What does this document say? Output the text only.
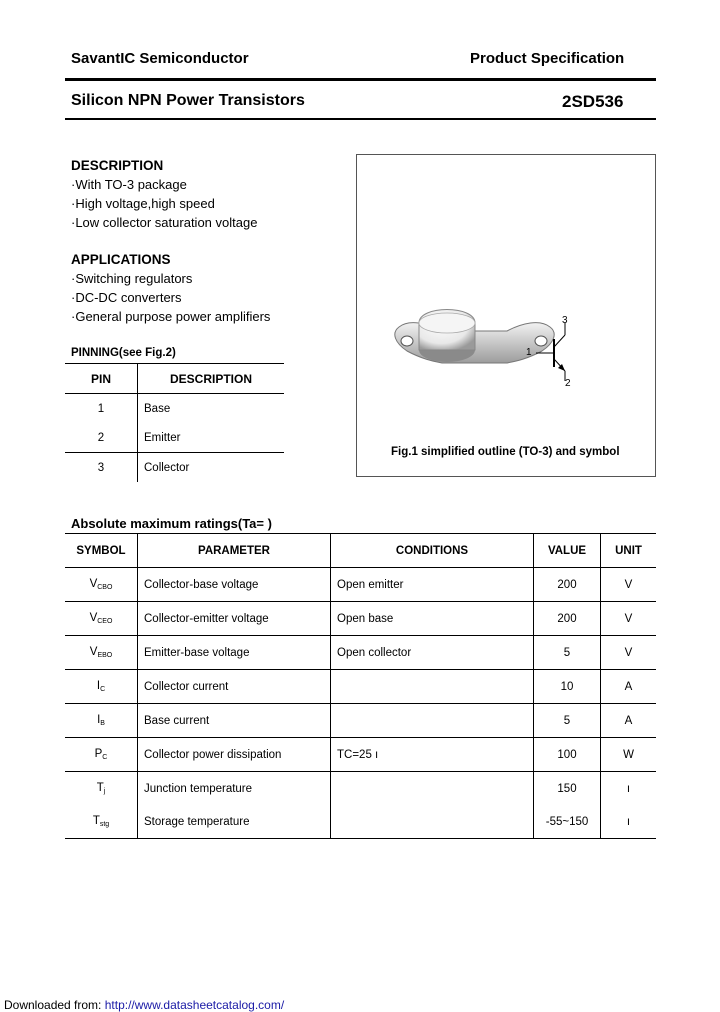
SavantIC Semiconductor	Product Specification
Silicon NPN Power Transistors	2SD536
DESCRIPTION
·With TO-3 package
·High voltage,high speed
·Low collector saturation voltage
APPLICATIONS
·Switching regulators
·DC-DC converters
·General purpose power amplifiers
PINNING(see Fig.2)
PIN	DESCRIPTION
1	Base
2	Emitter
3	Collector
1
3
2
Fig.1 simplified outline (TO-3) and symbol
Absolute maximum ratings(Ta= )
SYMBOL	PARAMETER	CONDITIONS	VALUE	UNIT
$V_{CBO}$	Collector-base voltage	Open emitter	200	V
$V_{CEO}$	Collector-emitter voltage	Open base	200	V
$V_{EBO}$	Emitter-base voltage	Open collector	5	V
$I_C$	Collector current		10	A
$I_B$	Base current		5	A
$P_C$	Collector power dissipation	T⁣C=25 ı	100	W
$T_j$	Junction temperature		150	ı
$T_{stg}$	Storage temperature		-55~150	ı
Downloaded from: http://www.datasheetcatalog.com/
